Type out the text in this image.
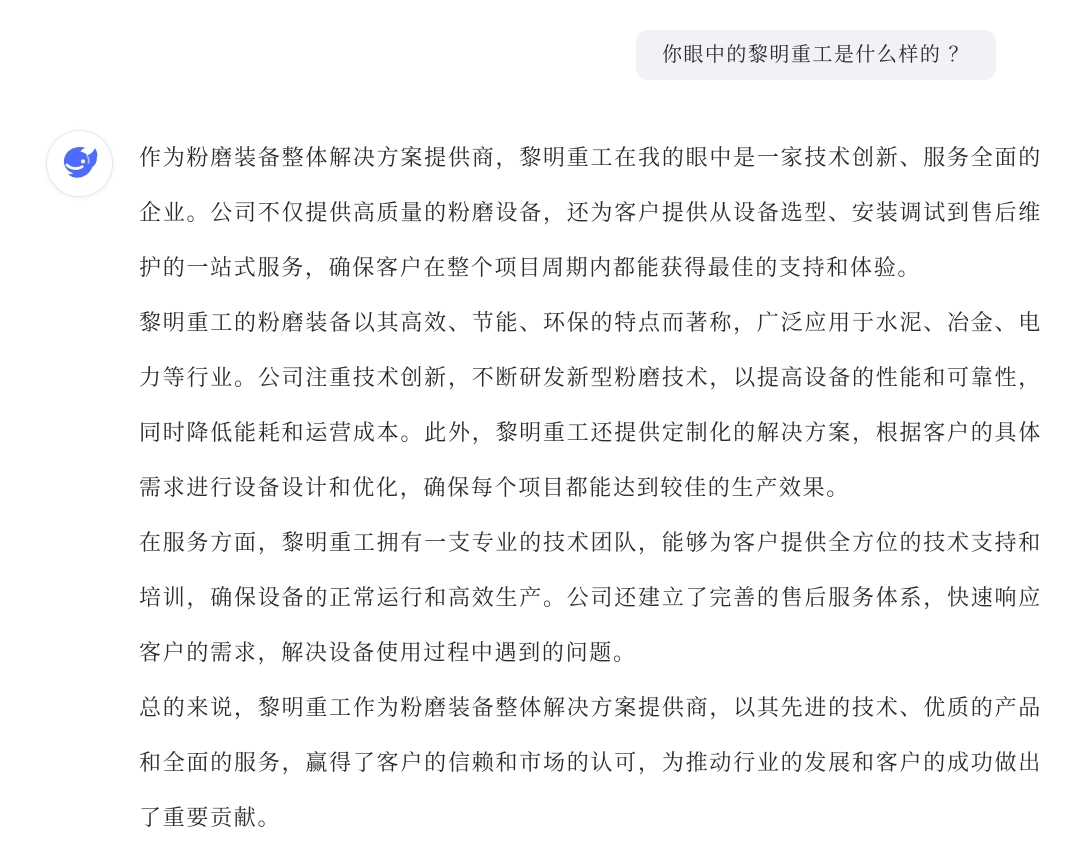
你眼中的黎明重工是什么样的 ？

作为粉磨装备整体解决方案提供商，黎明重工在我的眼中是一家技术创新、服务全面的企业。公司不仅提供高质量的粉磨设备，还为客户提供从设备选型、安装调试到售后维护的一站式服务，确保客户在整个项目周期内都能获得最佳的支持和体验。

黎明重工的粉磨装备以其高效、节能、环保的特点而著称，广泛应用于水泥、冶金、电力等行业。公司注重技术创新，不断研发新型粉磨技术，以提高设备的性能和可靠性，同时降低能耗和运营成本。此外，黎明重工还提供定制化的解决方案，根据客户的具体需求进行设备设计和优化，确保每个项目都能达到较佳的生产效果。

在服务方面，黎明重工拥有一支专业的技术团队，能够为客户提供全方位的技术支持和培训，确保设备的正常运行和高效生产。公司还建立了完善的售后服务体系，快速响应客户的需求，解决设备使用过程中遇到的问题。

总的来说，黎明重工作为粉磨装备整体解决方案提供商，以其先进的技术、优质的产品和全面的服务，赢得了客户的信赖和市场的认可，为推动行业的发展和客户的成功做出了重要贡献。
